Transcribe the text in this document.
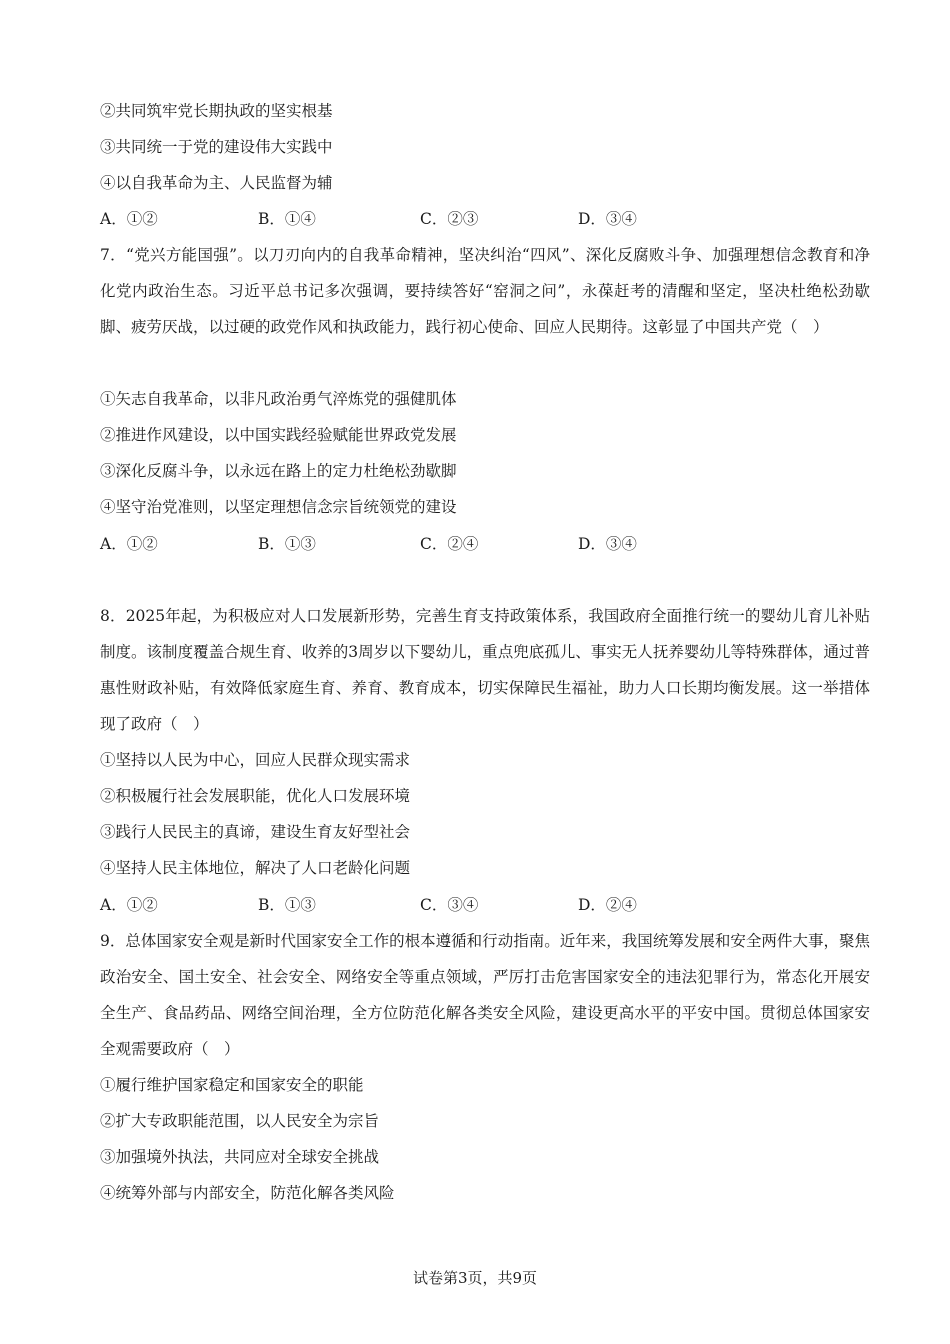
②共同筑牢党长期执政的坚实根基
③共同统一于党的建设伟大实践中
④以自我革命为主、人民监督为辅
A．①②	B．①④	C．②③	D．③④
7．“党兴方能国强”。以刀刃向内的自我革命精神，坚决纠治“四风”、深化反腐败斗争、加强理想信念教育和净化党内政治生态。习近平总书记多次强调，要持续答好“窑洞之问”，永葆赶考的清醒和坚定，坚决杜绝松劲歇脚、疲劳厌战，以过硬的政党作风和执政能力，践行初心使命、回应人民期待。这彰显了中国共产党（　）
①矢志自我革命，以非凡政治勇气淬炼党的强健肌体
②推进作风建设，以中国实践经验赋能世界政党发展
③深化反腐斗争，以永远在路上的定力杜绝松劲歇脚
④坚守治党准则，以坚定理想信念宗旨统领党的建设
A．①②	B．①③	C．②④	D．③④
8．2025年起，为积极应对人口发展新形势，完善生育支持政策体系，我国政府全面推行统一的婴幼儿育儿补贴制度。该制度覆盖合规生育、收养的3周岁以下婴幼儿，重点兜底孤儿、事实无人抚养婴幼儿等特殊群体，通过普惠性财政补贴，有效降低家庭生育、养育、教育成本，切实保障民生福祉，助力人口长期均衡发展。这一举措体现了政府（　）
①坚持以人民为中心，回应人民群众现实需求
②积极履行社会发展职能，优化人口发展环境
③践行人民民主的真谛，建设生育友好型社会
④坚持人民主体地位，解决了人口老龄化问题
A．①②	B．①③	C．③④	D．②④
9．总体国家安全观是新时代国家安全工作的根本遵循和行动指南。近年来，我国统筹发展和安全两件大事，聚焦政治安全、国土安全、社会安全、网络安全等重点领域，严厉打击危害国家安全的违法犯罪行为，常态化开展安全生产、食品药品、网络空间治理，全方位防范化解各类安全风险，建设更高水平的平安中国。贯彻总体国家安全观需要政府（　）
①履行维护国家稳定和国家安全的职能
②扩大专政职能范围，以人民安全为宗旨
③加强境外执法，共同应对全球安全挑战
④统筹外部与内部安全，防范化解各类风险
试卷第3页，共9页
